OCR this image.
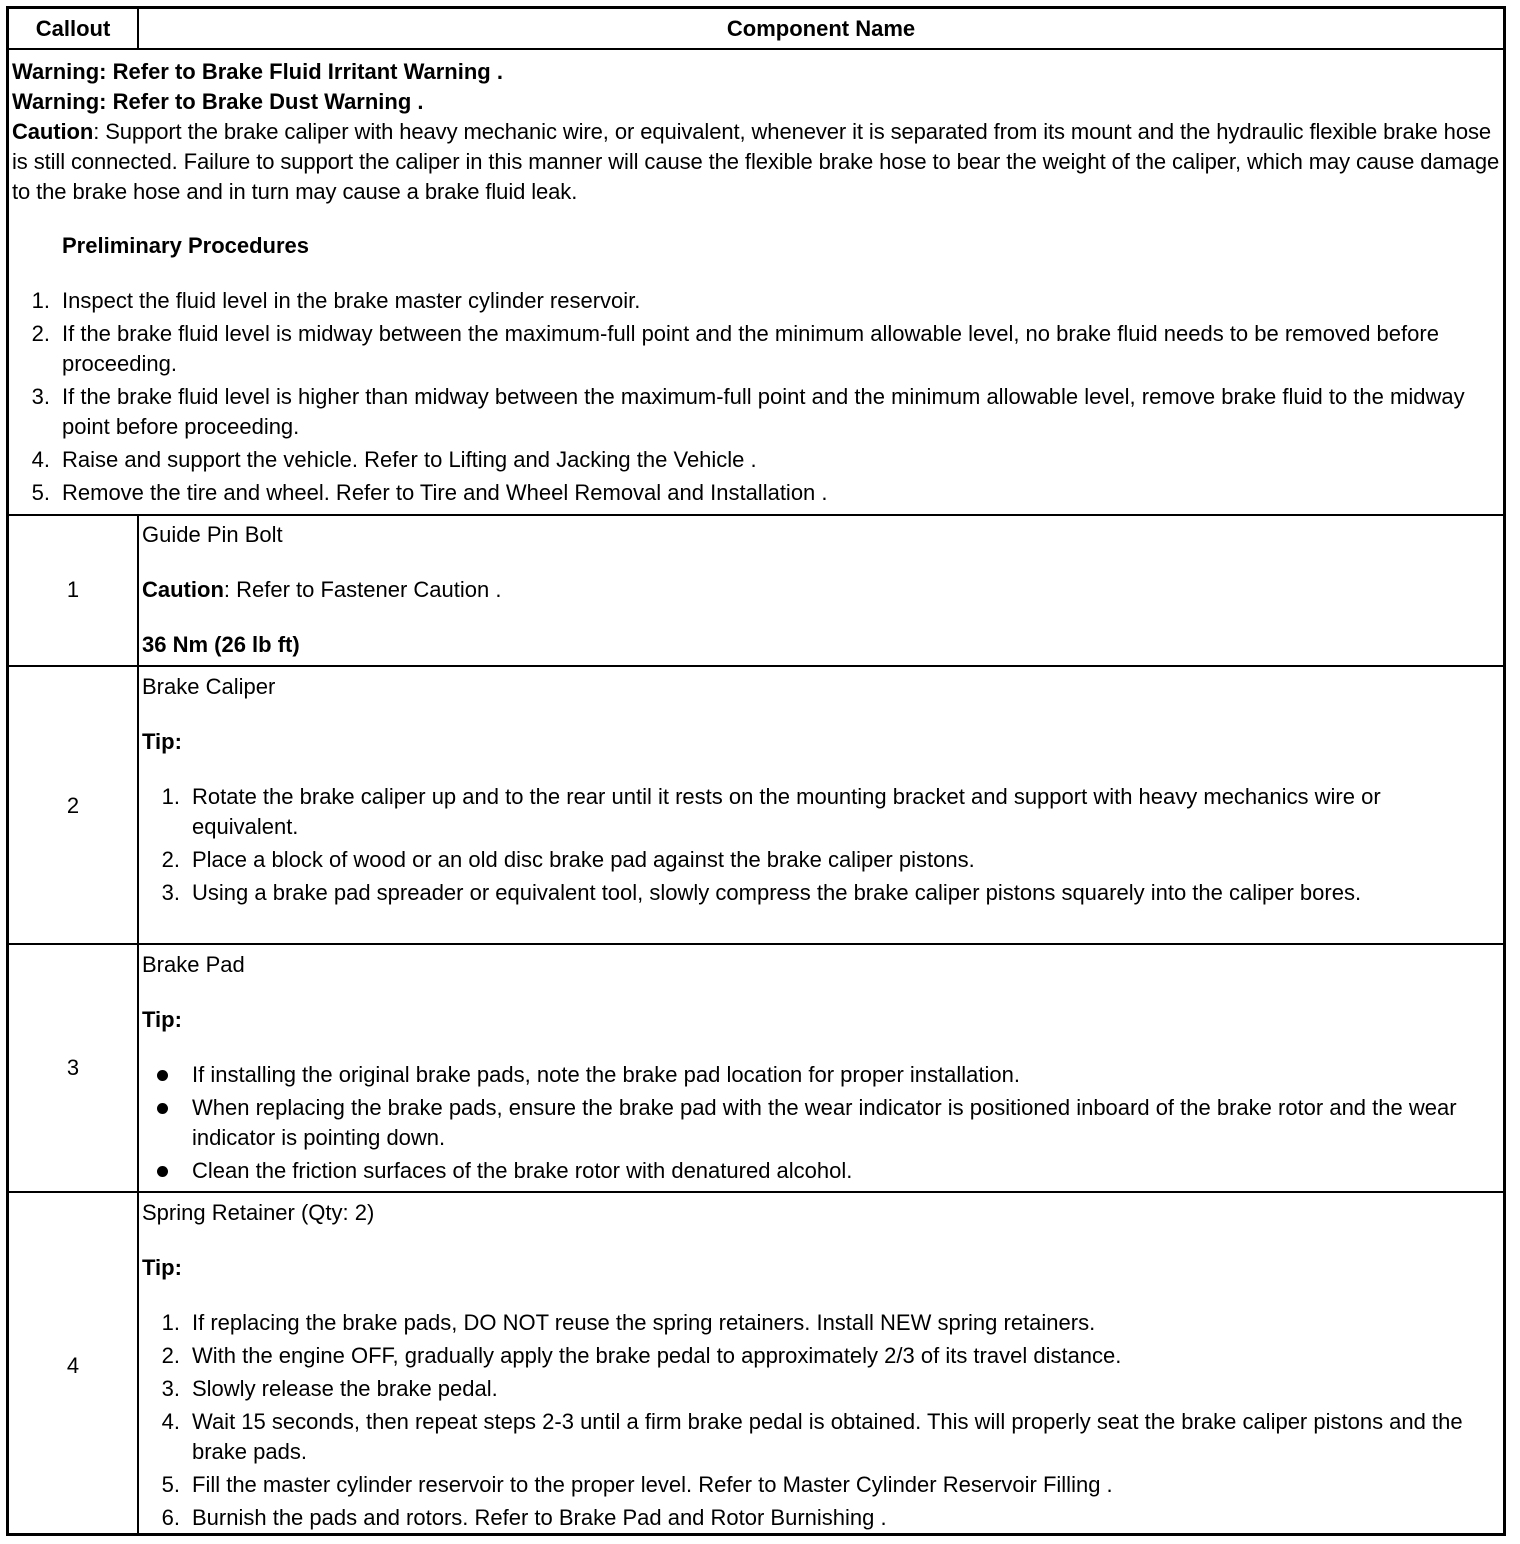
Callout	Component Name
Warning: Refer to Brake Fluid Irritant Warning .
Warning: Refer to Brake Dust Warning .
Caution: Support the brake caliper with heavy mechanic wire, or equivalent, whenever it is separated from its mount and the hydraulic flexible brake hose is still connected. Failure to support the caliper in this manner will cause the flexible brake hose to bear the weight of the caliper, which may cause damage to the brake hose and in turn may cause a brake fluid leak.
Preliminary Procedures
1. Inspect the fluid level in the brake master cylinder reservoir.
2. If the brake fluid level is midway between the maximum-full point and the minimum allowable level, no brake fluid needs to be removed before proceeding.
3. If the brake fluid level is higher than midway between the maximum-full point and the minimum allowable level, remove brake fluid to the midway point before proceeding.
4. Raise and support the vehicle. Refer to Lifting and Jacking the Vehicle .
5. Remove the tire and wheel. Refer to Tire and Wheel Removal and Installation .
1
Guide Pin Bolt
Caution: Refer to Fastener Caution .
36 Nm (26 lb ft)
2
Brake Caliper
Tip:
1. Rotate the brake caliper up and to the rear until it rests on the mounting bracket and support with heavy mechanics wire or equivalent.
2. Place a block of wood or an old disc brake pad against the brake caliper pistons.
3. Using a brake pad spreader or equivalent tool, slowly compress the brake caliper pistons squarely into the caliper bores.
3
Brake Pad
Tip:
If installing the original brake pads, note the brake pad location for proper installation.
When replacing the brake pads, ensure the brake pad with the wear indicator is positioned inboard of the brake rotor and the wear indicator is pointing down.
Clean the friction surfaces of the brake rotor with denatured alcohol.
4
Spring Retainer (Qty: 2)
Tip:
1. If replacing the brake pads, DO NOT reuse the spring retainers. Install NEW spring retainers.
2. With the engine OFF, gradually apply the brake pedal to approximately 2/3 of its travel distance.
3. Slowly release the brake pedal.
4. Wait 15 seconds, then repeat steps 2-3 until a firm brake pedal is obtained. This will properly seat the brake caliper pistons and the brake pads.
5. Fill the master cylinder reservoir to the proper level. Refer to Master Cylinder Reservoir Filling .
6. Burnish the pads and rotors. Refer to Brake Pad and Rotor Burnishing .
